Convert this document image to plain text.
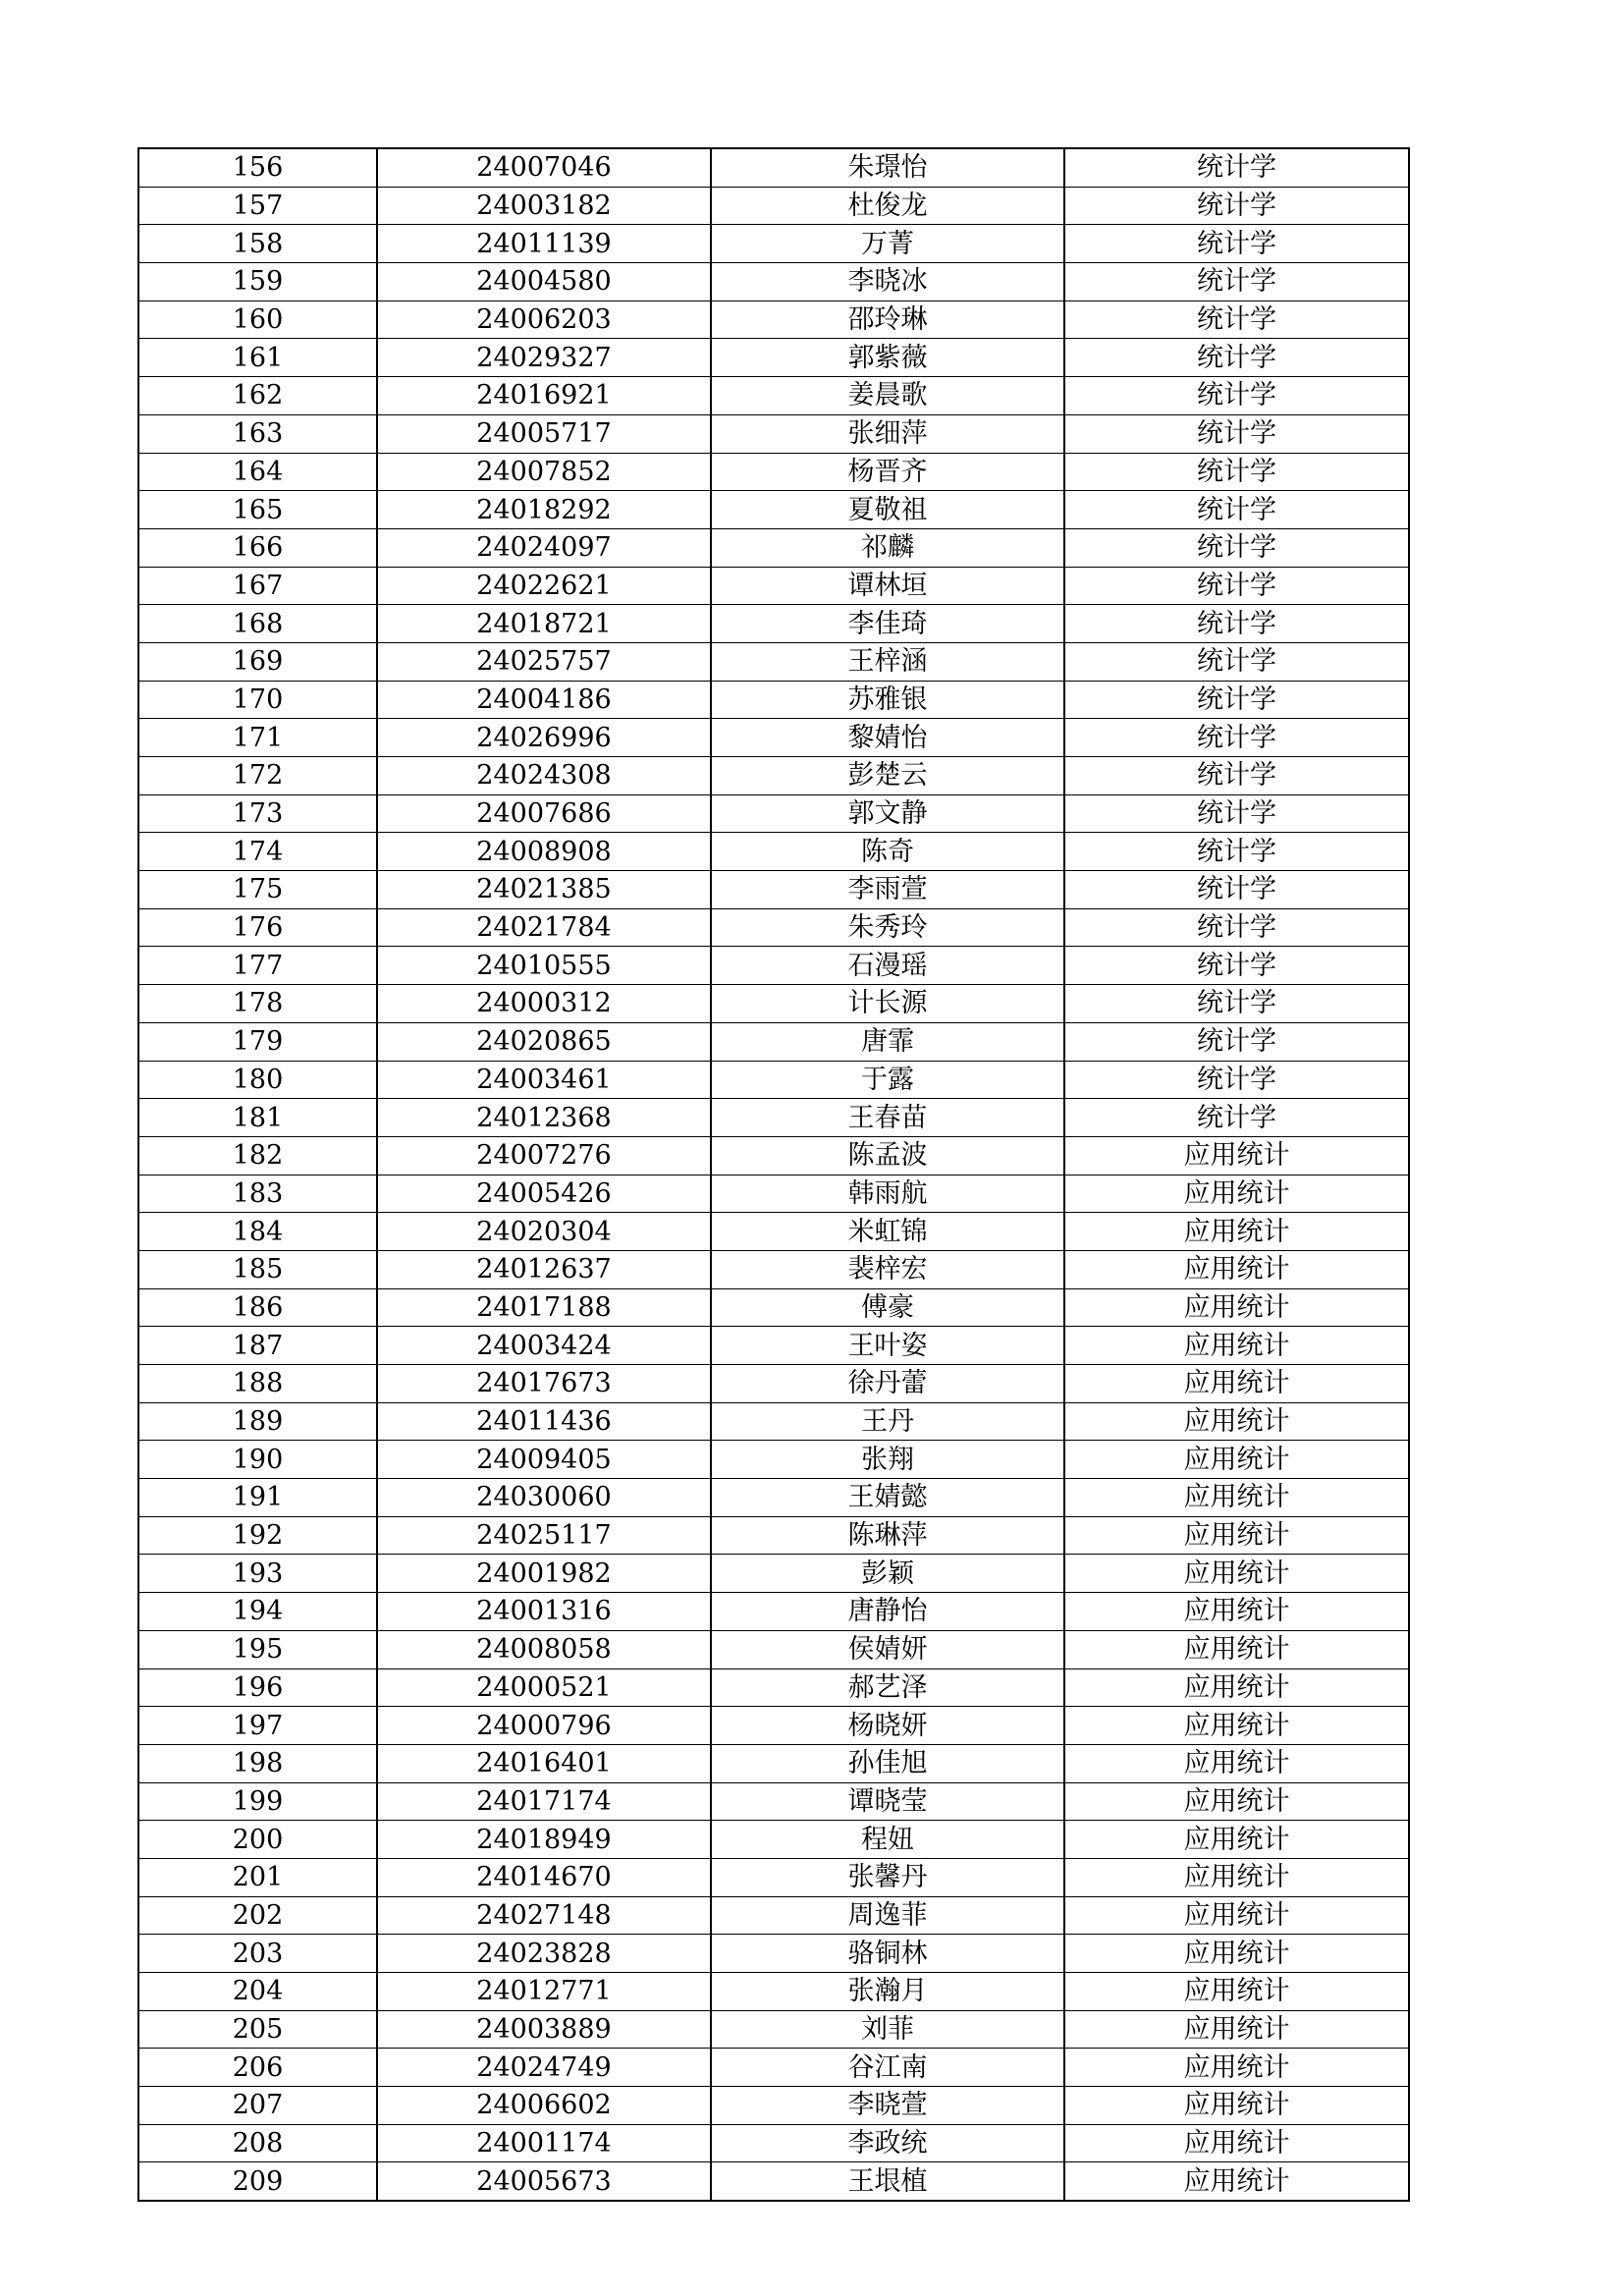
156	24007046	朱璟怡	统计学
157	24003182	杜俊龙	统计学
158	24011139	万菁	统计学
159	24004580	李晓冰	统计学
160	24006203	邵玲琳	统计学
161	24029327	郭紫薇	统计学
162	24016921	姜晨歌	统计学
163	24005717	张细萍	统计学
164	24007852	杨晋齐	统计学
165	24018292	夏敬祖	统计学
166	24024097	祁麟	统计学
167	24022621	谭林垣	统计学
168	24018721	李佳琦	统计学
169	24025757	王梓涵	统计学
170	24004186	苏雅银	统计学
171	24026996	黎婧怡	统计学
172	24024308	彭楚云	统计学
173	24007686	郭文静	统计学
174	24008908	陈奇	统计学
175	24021385	李雨萱	统计学
176	24021784	朱秀玲	统计学
177	24010555	石漫瑶	统计学
178	24000312	计长源	统计学
179	24020865	唐霏	统计学
180	24003461	于露	统计学
181	24012368	王春苗	统计学
182	24007276	陈孟波	应用统计
183	24005426	韩雨航	应用统计
184	24020304	米虹锦	应用统计
185	24012637	裴梓宏	应用统计
186	24017188	傅豪	应用统计
187	24003424	王叶姿	应用统计
188	24017673	徐丹蕾	应用统计
189	24011436	王丹	应用统计
190	24009405	张翔	应用统计
191	24030060	王婧懿	应用统计
192	24025117	陈琳萍	应用统计
193	24001982	彭颖	应用统计
194	24001316	唐静怡	应用统计
195	24008058	侯婧妍	应用统计
196	24000521	郝艺泽	应用统计
197	24000796	杨晓妍	应用统计
198	24016401	孙佳旭	应用统计
199	24017174	谭晓莹	应用统计
200	24018949	程妞	应用统计
201	24014670	张馨丹	应用统计
202	24027148	周逸菲	应用统计
203	24023828	骆铜林	应用统计
204	24012771	张瀚月	应用统计
205	24003889	刘菲	应用统计
206	24024749	谷江南	应用统计
207	24006602	李晓萱	应用统计
208	24001174	李政统	应用统计
209	24005673	王垠植	应用统计
